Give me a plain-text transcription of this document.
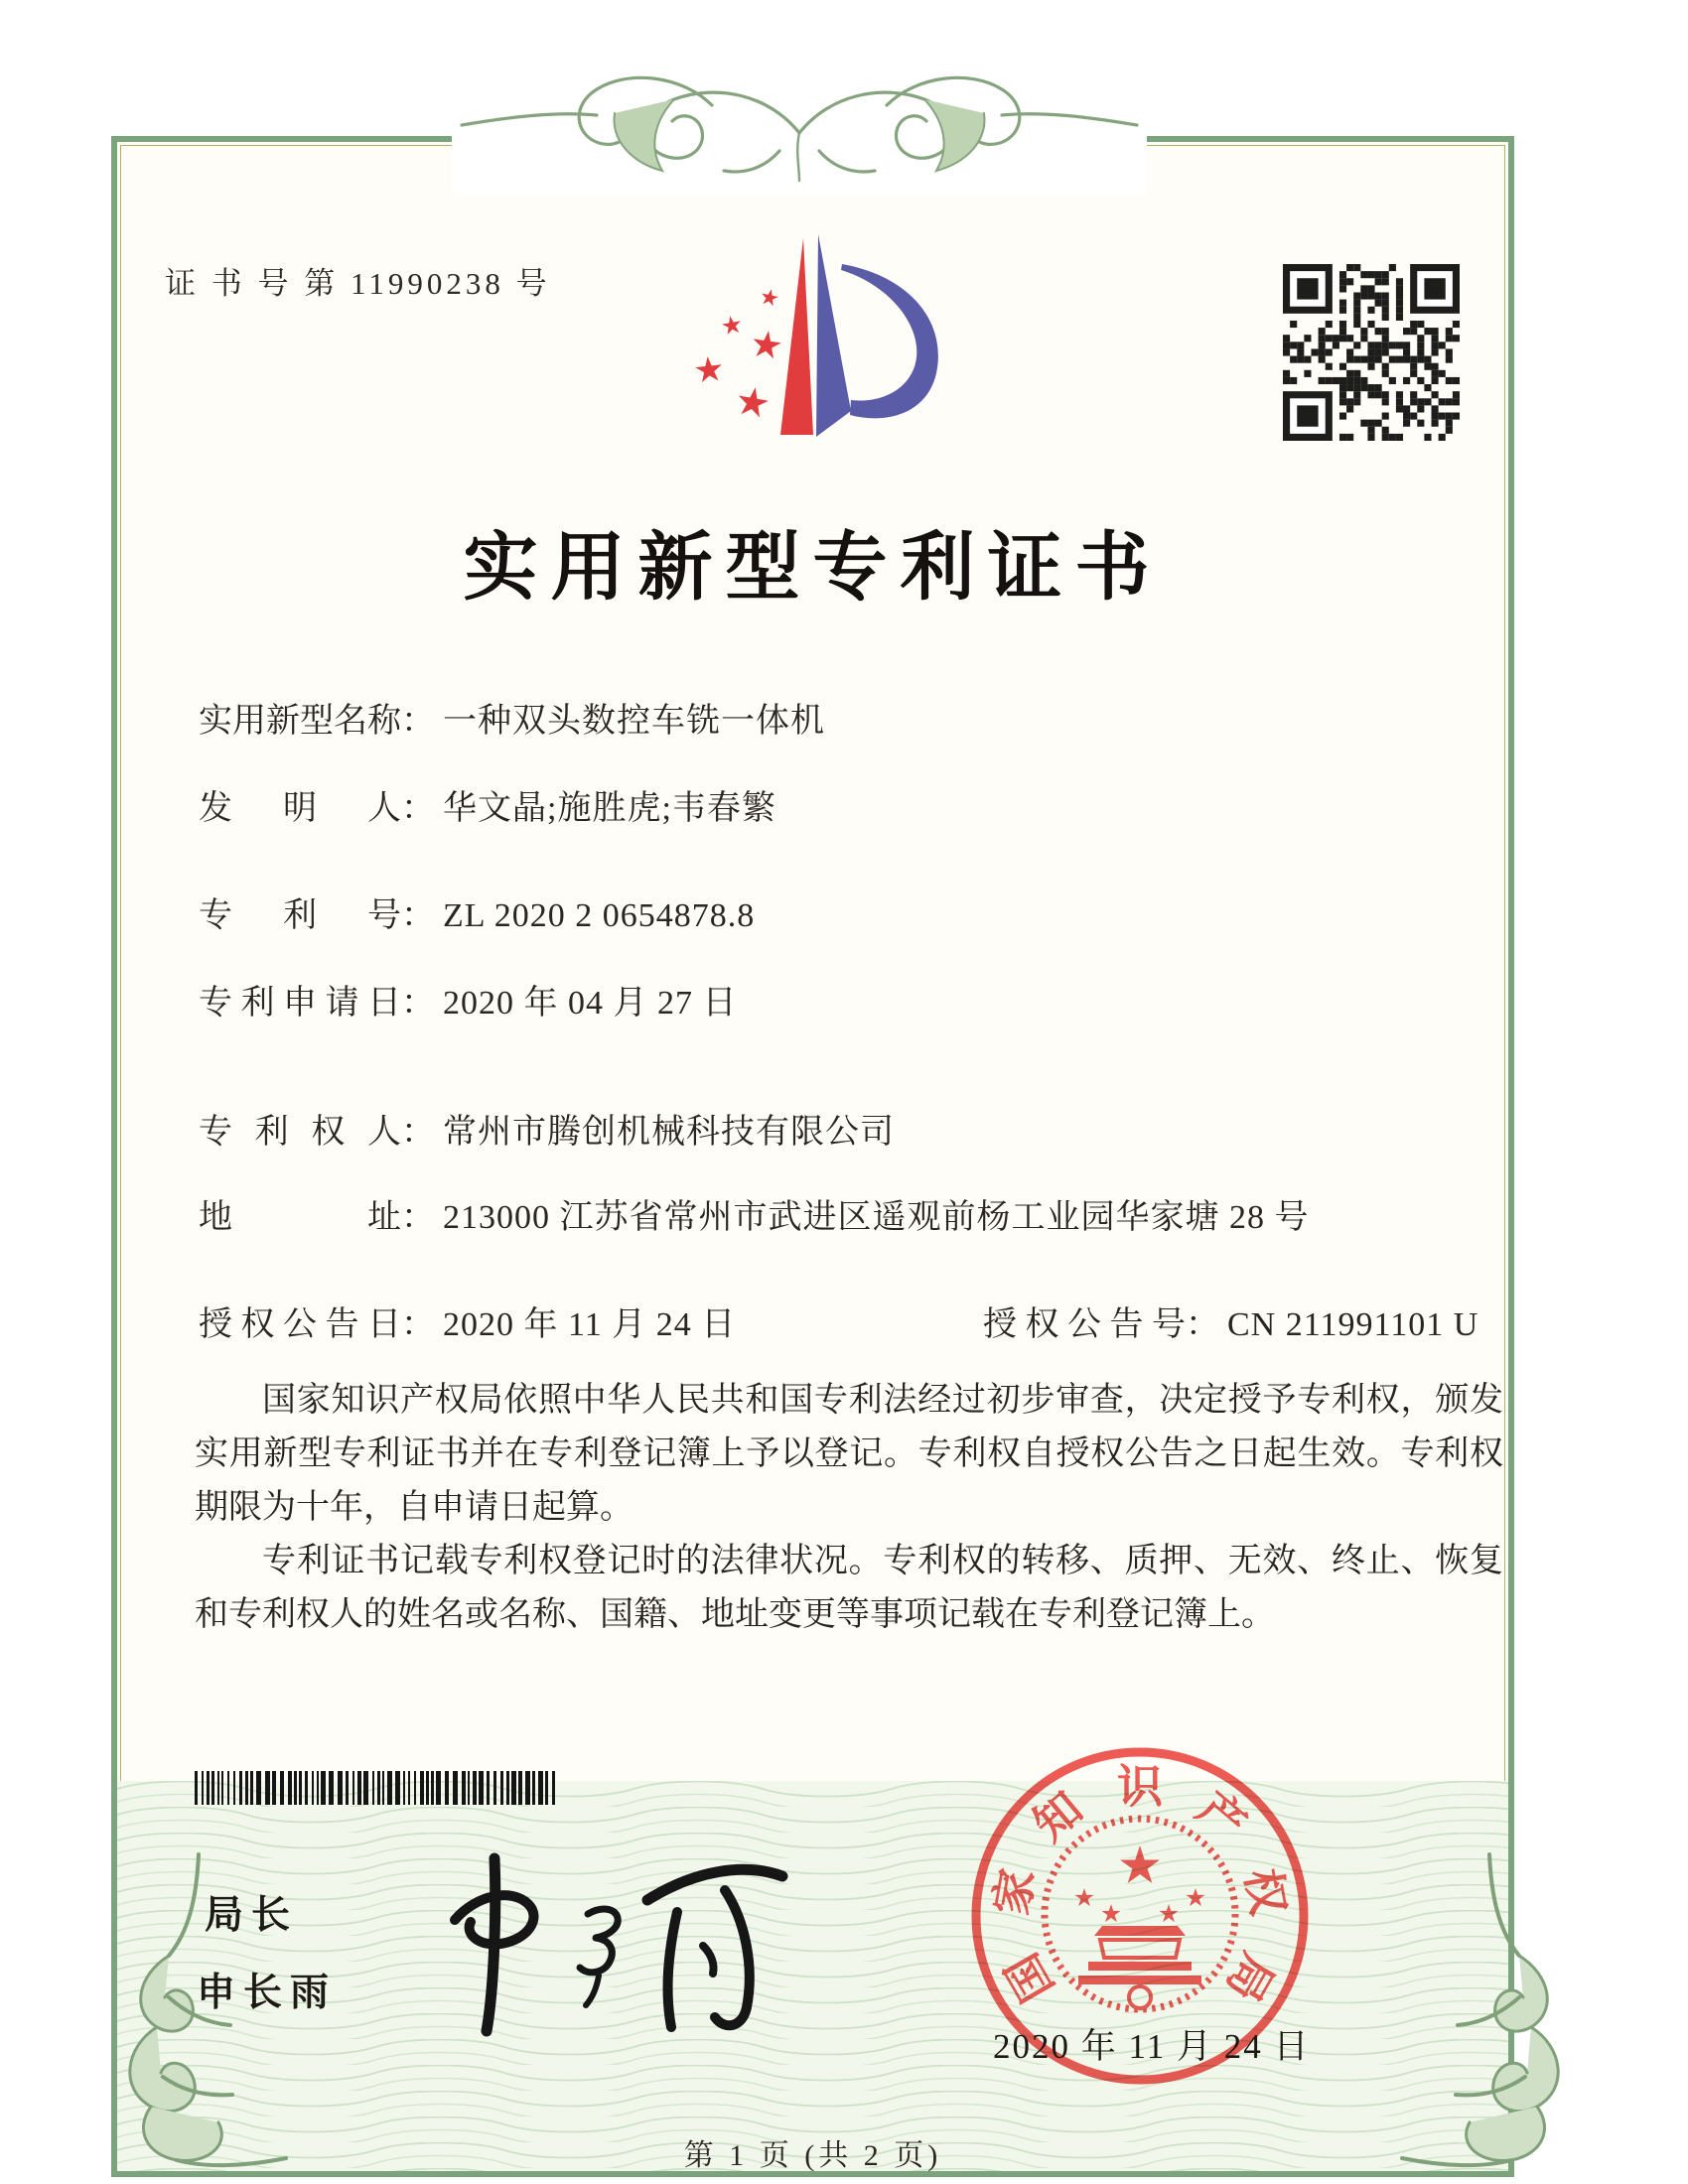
证 书 号 第 11990238 号
实用新型专利证书
实用新型名称： 一种双头数控车铣一体机
发明人： 华文晶;施胜虎;韦春繁
专利号： ZL 2020 2 0654878.8
专利申请日： 2020 年 04 月 27 日
专利权人： 常州市腾创机械科技有限公司
地址： 213000 江苏省常州市武进区遥观前杨工业园华家塘 28 号
授权公告日： 2020 年 11 月 24 日	授权公告号： CN 211991101 U

国家知识产权局依照中华人民共和国专利法经过初步审查，决定授予专利权，颁发实用新型专利证书并在专利登记簿上予以登记。专利权自授权公告之日起生效。专利权期限为十年，自申请日起算。

专利证书记载专利权登记时的法律状况。专利权的转移、质押、无效、终止、恢复和专利权人的姓名或名称、国籍、地址变更等事项记载在专利登记簿上。

局长
申长雨	国
家
知 识 产
权
局
2020 年 11 月 24 日
第 1 页 (共 2 页)
